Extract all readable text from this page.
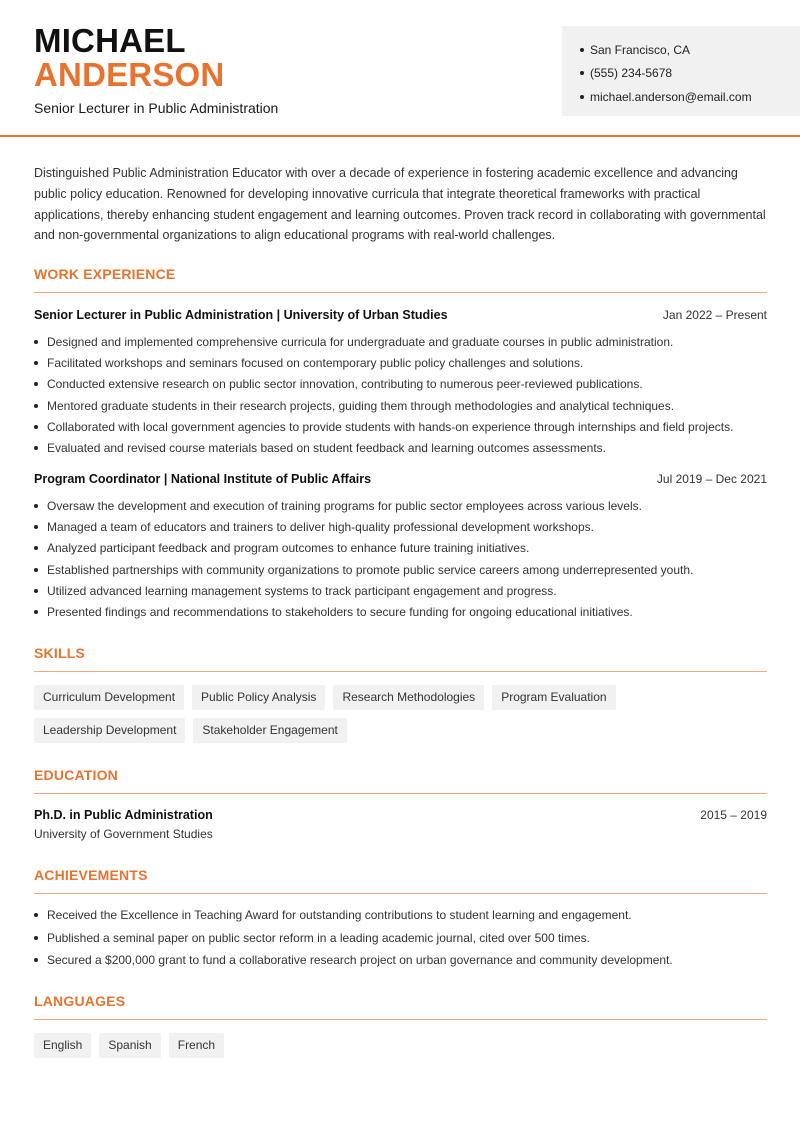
MICHAEL
ANDERSON
Senior Lecturer in Public Administration
San Francisco, CA
(555) 234-5678
michael.anderson@email.com

Distinguished Public Administration Educator with over a decade of experience in fostering academic excellence and advancing public policy education. Renowned for developing innovative curricula that integrate theoretical frameworks with practical applications, thereby enhancing student engagement and learning outcomes. Proven track record in collaborating with governmental and non-governmental organizations to align educational programs with real-world challenges.

WORK EXPERIENCE
Senior Lecturer in Public Administration | University of Urban Studies	Jan 2022 – Present
Designed and implemented comprehensive curricula for undergraduate and graduate courses in public administration.
Facilitated workshops and seminars focused on contemporary public policy challenges and solutions.
Conducted extensive research on public sector innovation, contributing to numerous peer-reviewed publications.
Mentored graduate students in their research projects, guiding them through methodologies and analytical techniques.
Collaborated with local government agencies to provide students with hands-on experience through internships and field projects.
Evaluated and revised course materials based on student feedback and learning outcomes assessments.
Program Coordinator | National Institute of Public Affairs	Jul 2019 – Dec 2021
Oversaw the development and execution of training programs for public sector employees across various levels.
Managed a team of educators and trainers to deliver high-quality professional development workshops.
Analyzed participant feedback and program outcomes to enhance future training initiatives.
Established partnerships with community organizations to promote public service careers among underrepresented youth.
Utilized advanced learning management systems to track participant engagement and progress.
Presented findings and recommendations to stakeholders to secure funding for ongoing educational initiatives.
SKILLS
Curriculum Development	Public Policy Analysis	Research Methodologies	Program Evaluation
Leadership Development	Stakeholder Engagement
EDUCATION
Ph.D. in Public Administration	2015 – 2019
University of Government Studies
ACHIEVEMENTS
Received the Excellence in Teaching Award for outstanding contributions to student learning and engagement.
Published a seminal paper on public sector reform in a leading academic journal, cited over 500 times.
Secured a $200,000 grant to fund a collaborative research project on urban governance and community development.
LANGUAGES
English	Spanish	French
